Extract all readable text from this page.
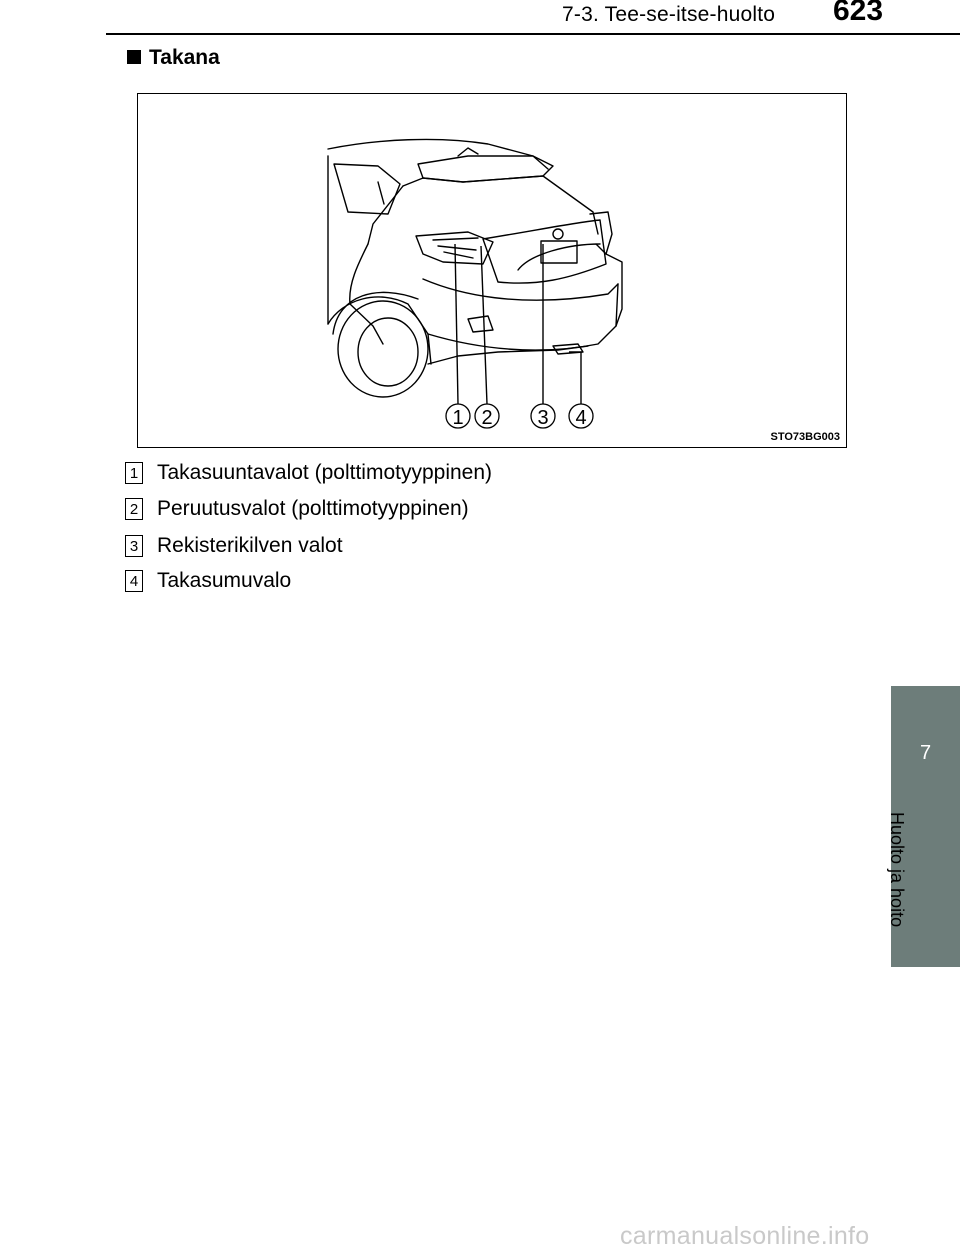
7-3. Tee-se-itse-huolto 623
Takana
1 2 3 4
STO73BG003
1 Takasuuntavalot (polttimotyyppinen)
2 Peruutusvalot (polttimotyyppinen)
3 Rekisterikilven valot
4 Takasumuvalo
7
Huolto ja hoito
carmanualsonline.info
